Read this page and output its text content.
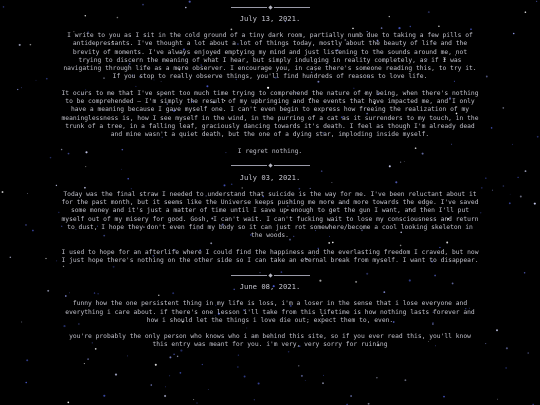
July 13, 2021.

I write to you as I sit in the cold ground of a tiny dark room, partially numb due to taking a few pills of antidepressants. I've thought a lot about a lot of things today, mostly about the beauty of life and the brevity of moments. I've always enjoyed emptying my mind and just listening to the sounds around me, not trying to discern the meaning of what I hear, but simply indulging in reality completely, as if I was navigating through life as a mere observer. I encourage you, in case there's someone reading this, to try it. If you stop to really observe things, you'll find hundreds of reasons to love life.

It ocurs to me that I've spent too much time trying to comprehend the nature of my being, when there's nothing to be comprehended — I'm simply the result of my upbringing and the events that have impacted me, and I only have a meaning because I gave myself one. I can't even begin to express how freeing the realization of my meaninglessness is, how I see myself in the wind, in the purring of a cat as it surrenders to my touch, in the trunk of a tree, in a falling leaf, graciously dancing towards it's death. I feel as though I'm already dead and mine wasn't a quiet death, but the one of a dying star, imploding inside myself.

I regret nothing.

July 03, 2021.

Today was the final straw I needed to understand that suicide is the way for me. I've been reluctant about it for the past month, but it seems like the Universe keeps pushing me more and more towards the edge. I've saved some money and it's just a matter of time until I save up enough to get the gun I want, and then I'll put myself out of my misery for good. Gosh, I can't wait. I can't fucking wait to lose my consciousness and return to dust, I hope they don't even find my body so it can just rot somewhere/become a cool looking skeleton in the woods.

I used to hope for an afterlife where I could find the happiness and the everlasting freedom I craved, but now I just hope there's nothing on the other side so I can take an eternal break from myself. I want to disappear.

June 08, 2021.

funny how the one persistent thing in my life is loss, i'm a loser in the sense that i lose everyone and everything i care about. if there's one lesson i'll take from this lifetime is how nothing lasts forever and how i should let the things i love die out; expect them to, even.

you're probably the only person who knows who i am behind this site, so if you ever read this, you'll know this entry was meant for you. i'm very, very sorry for ruining
